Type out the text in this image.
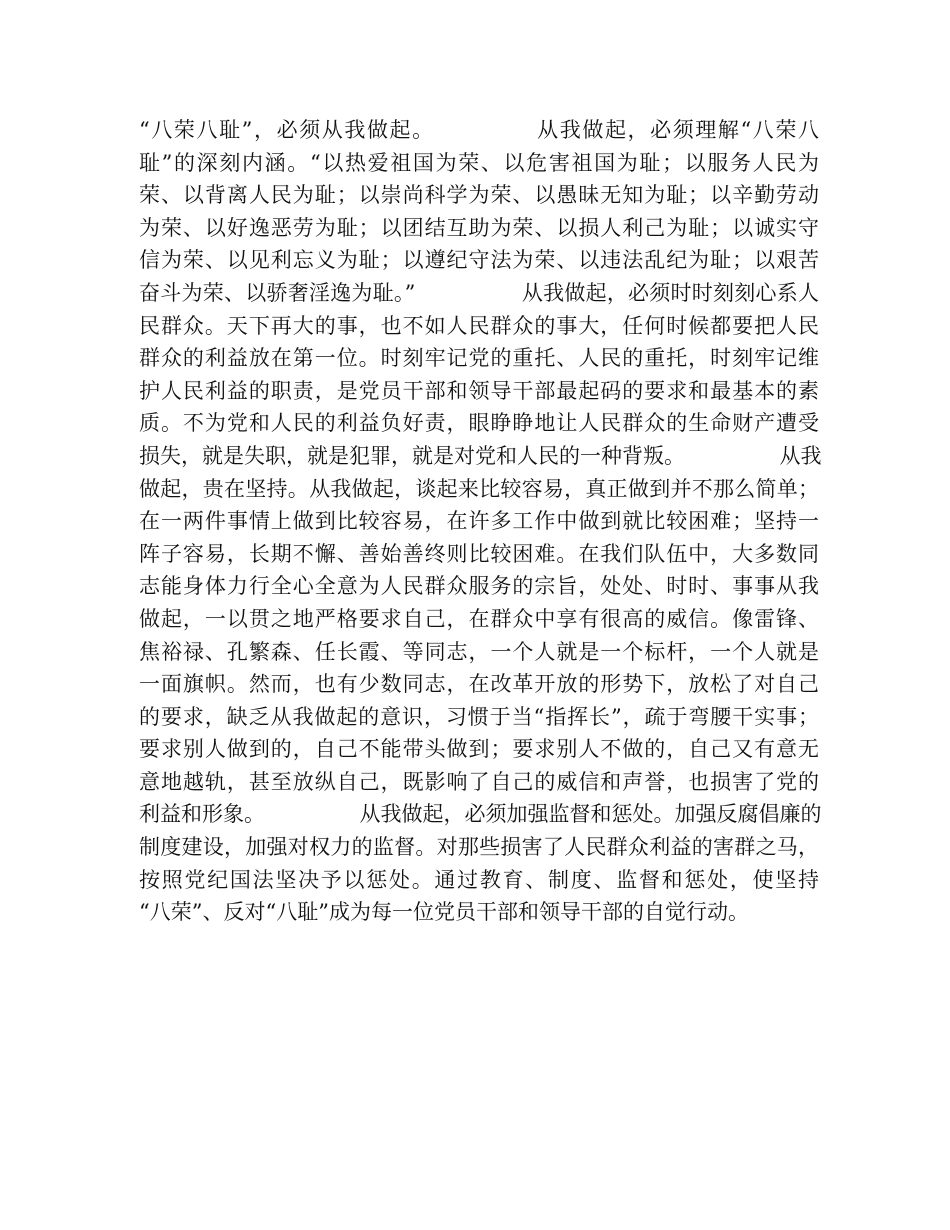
“八荣八耻”，必须从我做起。　　　　　从我做起，必须理解“八荣八
耻”的深刻内涵。“以热爱祖国为荣、以危害祖国为耻；以服务人民为
荣、以背离人民为耻；以崇尚科学为荣、以愚昧无知为耻；以辛勤劳动
为荣、以好逸恶劳为耻；以团结互助为荣、以损人利己为耻；以诚实守
信为荣、以见利忘义为耻；以遵纪守法为荣、以违法乱纪为耻；以艰苦
奋斗为荣、以骄奢淫逸为耻。”　　　　　从我做起，必须时时刻刻心系人
民群众。天下再大的事，也不如人民群众的事大，任何时候都要把人民
群众的利益放在第一位。时刻牢记党的重托、人民的重托，时刻牢记维
护人民利益的职责，是党员干部和领导干部最起码的要求和最基本的素
质。不为党和人民的利益负好责，眼睁睁地让人民群众的生命财产遭受
损失，就是失职，就是犯罪，就是对党和人民的一种背叛。　　　　　从我
做起，贵在坚持。从我做起，谈起来比较容易，真正做到并不那么简单；
在一两件事情上做到比较容易，在许多工作中做到就比较困难；坚持一
阵子容易，长期不懈、善始善终则比较困难。在我们队伍中，大多数同
志能身体力行全心全意为人民群众服务的宗旨，处处、时时、事事从我
做起，一以贯之地严格要求自己，在群众中享有很高的威信。像雷锋、
焦裕禄、孔繁森、任长霞、等同志，一个人就是一个标杆，一个人就是
一面旗帜。然而，也有少数同志，在改革开放的形势下，放松了对自己
的要求，缺乏从我做起的意识，习惯于当“指挥长”，疏于弯腰干实事；
要求别人做到的，自己不能带头做到；要求别人不做的，自己又有意无
意地越轨，甚至放纵自己，既影响了自己的威信和声誉，也损害了党的
利益和形象。　　　　　从我做起，必须加强监督和惩处。加强反腐倡廉的
制度建设，加强对权力的监督。对那些损害了人民群众利益的害群之马，
按照党纪国法坚决予以惩处。通过教育、制度、监督和惩处，使坚持
“八荣”、反对“八耻”成为每一位党员干部和领导干部的自觉行动。
